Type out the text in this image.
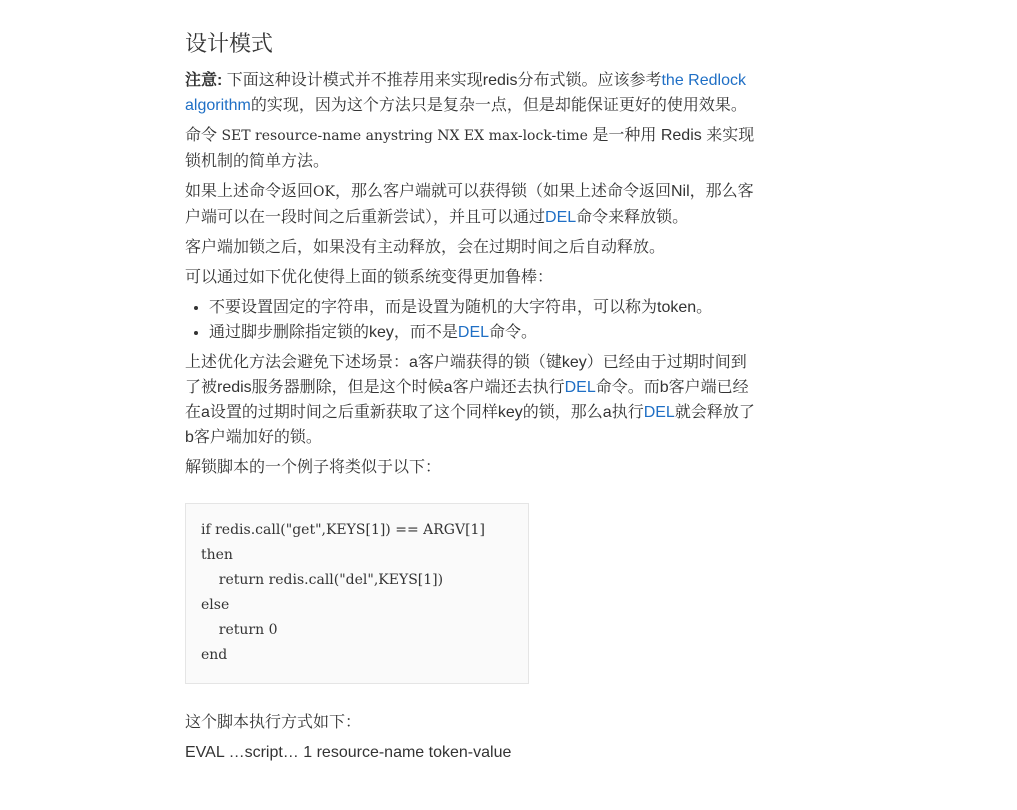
设计模式

注意: 下面这种设计模式并不推荐用来实现redis分布式锁。应该参考the Redlock algorithm的实现，因为这个方法只是复杂一点，但是却能保证更好的使用效果。

命令 SET resource-name anystring NX EX max-lock-time 是一种用 Redis 来实现锁机制的简单方法。

如果上述命令返回OK，那么客户端就可以获得锁（如果上述命令返回Nil，那么客户端可以在一段时间之后重新尝试），并且可以通过DEL命令来释放锁。

客户端加锁之后，如果没有主动释放，会在过期时间之后自动释放。

可以通过如下优化使得上面的锁系统变得更加鲁棒：

• 不要设置固定的字符串，而是设置为随机的大字符串，可以称为token。
• 通过脚步删除指定锁的key，而不是DEL命令。

上述优化方法会避免下述场景：a客户端获得的锁（键key）已经由于过期时间到了被redis服务器删除，但是这个时候a客户端还去执行DEL命令。而b客户端已经在a设置的过期时间之后重新获取了这个同样key的锁，那么a执行DEL就会释放了b客户端加好的锁。

解锁脚本的一个例子将类似于以下：

if redis.call("get",KEYS[1]) == ARGV[1]
then
return redis.call("del",KEYS[1])
else
return 0
end

这个脚本执行方式如下：

EVAL …script… 1 resource-name token-value
